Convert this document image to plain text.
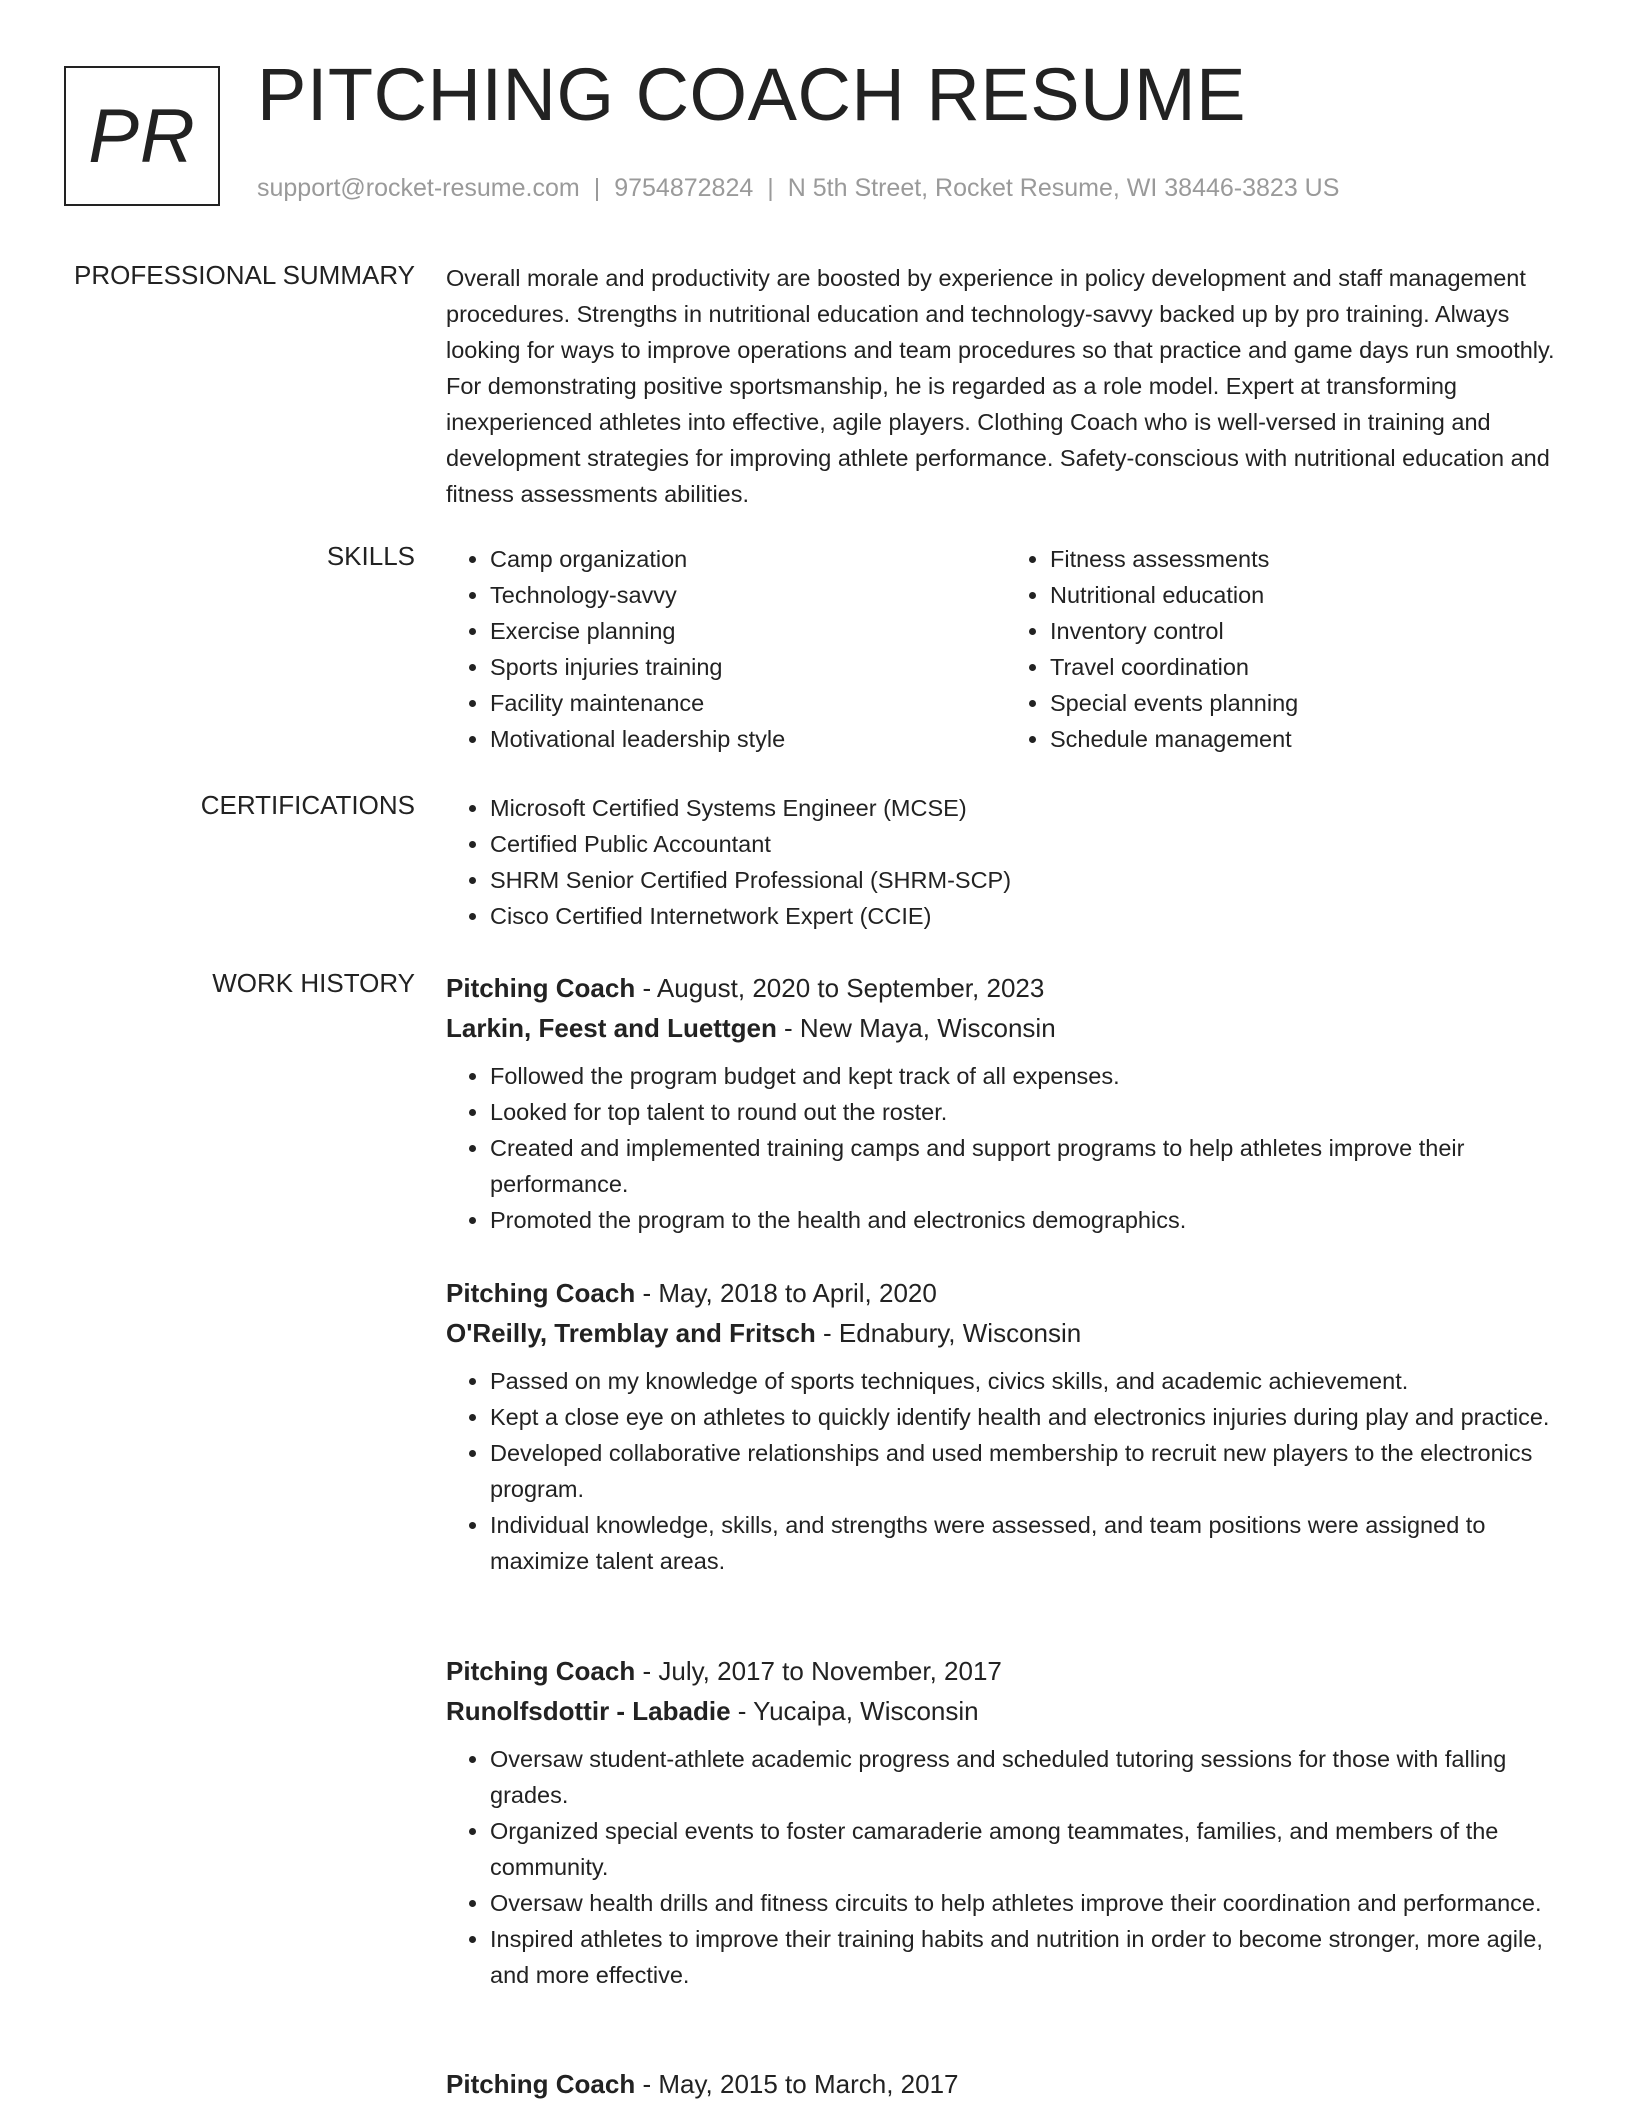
PR PITCHING COACH RESUME
support@rocket-resume.com | 9754872824 | N 5th Street, Rocket Resume, WI 38446-3823 US
PROFESSIONAL SUMMARY Overall morale and productivity are boosted by experience in policy development and staff management procedures. Strengths in nutritional education and technology-savvy backed up by pro training. Always looking for ways to improve operations and team procedures so that practice and game days run smoothly. For demonstrating positive sportsmanship, he is regarded as a role model. Expert at transforming inexperienced athletes into effective, agile players. Clothing Coach who is well-versed in training and development strategies for improving athlete performance. Safety-conscious with nutritional education and fitness assessments abilities.

SKILLS	• Camp organization
• Technology-savvy
• Exercise planning
• Sports injuries training
• Facility maintenance
• Motivational leadership style
• Fitness assessments
• Nutritional education
• Inventory control
• Travel coordination
• Special events planning
• Schedule management
CERTIFICATIONS	• Microsoft Certified Systems Engineer (MCSE)
• Certified Public Accountant
• SHRM Senior Certified Professional (SHRM-SCP)
• Cisco Certified Internetwork Expert (CCIE)
WORK HISTORY Pitching Coach - August, 2020 to September, 2023
Larkin, Feest and Luettgen - New Maya, Wisconsin
• Followed the program budget and kept track of all expenses.
• Looked for top talent to round out the roster.
• Created and implemented training camps and support programs to help athletes improve their performance.
• Promoted the program to the health and electronics demographics.
Pitching Coach - May, 2018 to April, 2020
O'Reilly, Tremblay and Fritsch - Ednabury, Wisconsin
• Passed on my knowledge of sports techniques, civics skills, and academic achievement.
• Kept a close eye on athletes to quickly identify health and electronics injuries during play and practice.
• Developed collaborative relationships and used membership to recruit new players to the electronics program.
• Individual knowledge, skills, and strengths were assessed, and team positions were assigned to maximize talent areas.
Pitching Coach - July, 2017 to November, 2017
Runolfsdottir - Labadie - Yucaipa, Wisconsin
• Oversaw student-athlete academic progress and scheduled tutoring sessions for those with falling grades.
• Organized special events to foster camaraderie among teammates, families, and members of the community.
• Oversaw health drills and fitness circuits to help athletes improve their coordination and performance.
• Inspired athletes to improve their training habits and nutrition in order to become stronger, more agile, and more effective.
Pitching Coach - May, 2015 to March, 2017
